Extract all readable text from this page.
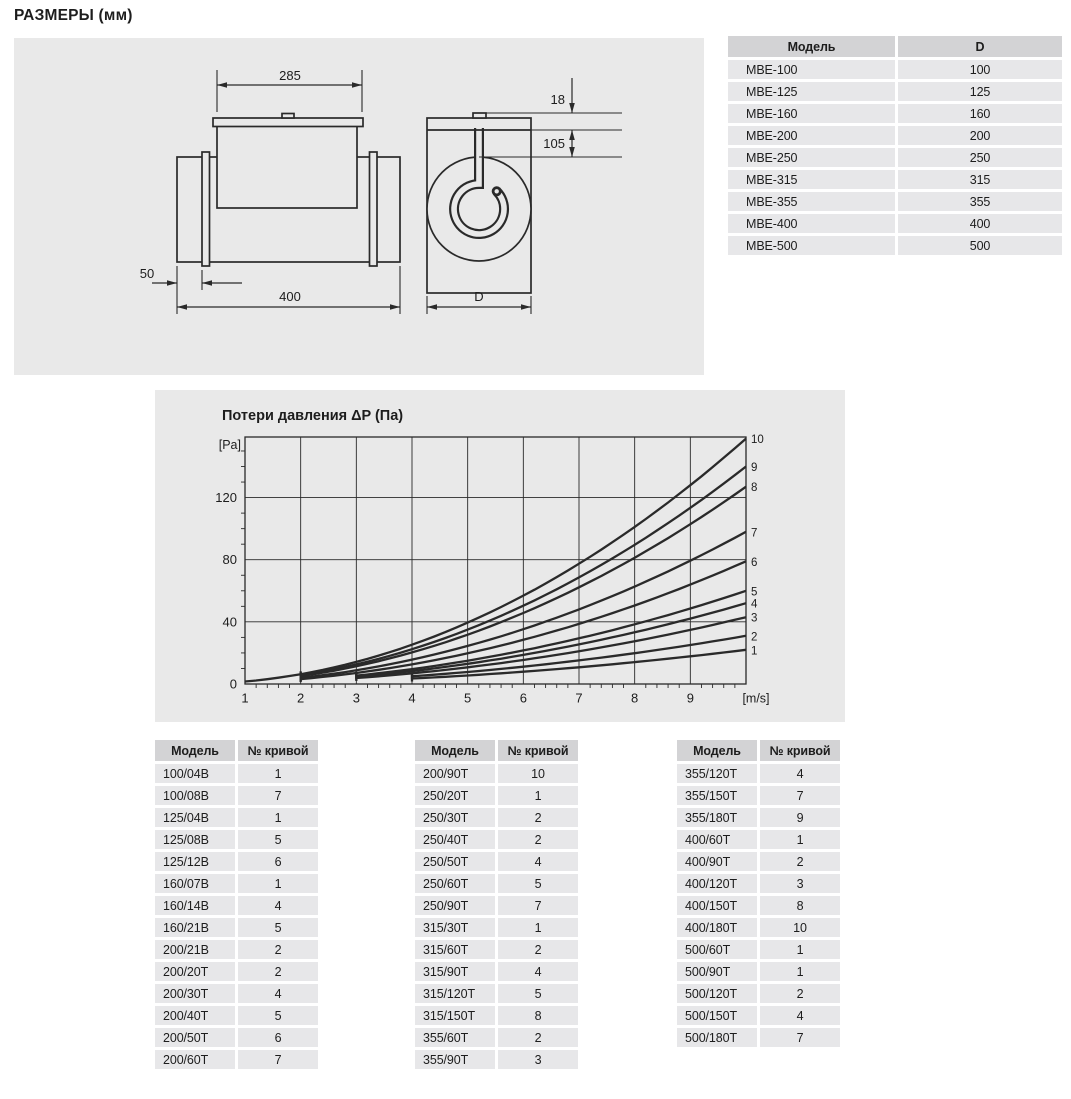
РАЗМЕРЫ (мм)
285
400
50
18
105
D
Модель	D
MBE-100	100
MBE-125	125
MBE-160	160
MBE-200	200
MBE-250	250
MBE-315	315
MBE-355	355
MBE-400	400
MBE-500	500
Потери давления ΔP (Па)
[Pa]
[m/s]
10
9
8
7
6
5
4
3
2
1
1	2	3	4	5	6	7	8	9
0
40
80
120
Модель	№ кривой
100/04B	1
100/08B	7
125/04B	1
125/08B	5
125/12B	6
160/07B	1
160/14B	4
160/21B	5
200/21B	2
200/20T	2
200/30T	4
200/40T	5
200/50T	6
200/60T	7
Модель	№ кривой
200/90T	10
250/20T	1
250/30T	2
250/40T	2
250/50T	4
250/60T	5
250/90T	7
315/30T	1
315/60T	2
315/90T	4
315/120T	5
315/150T	8
355/60T	2
355/90T	3
Модель	№ кривой
355/120T	4
355/150T	7
355/180T	9
400/60T	1
400/90T	2
400/120T	3
400/150T	8
400/180T	10
500/60T	1
500/90T	1
500/120T	2
500/150T	4
500/180T	7
